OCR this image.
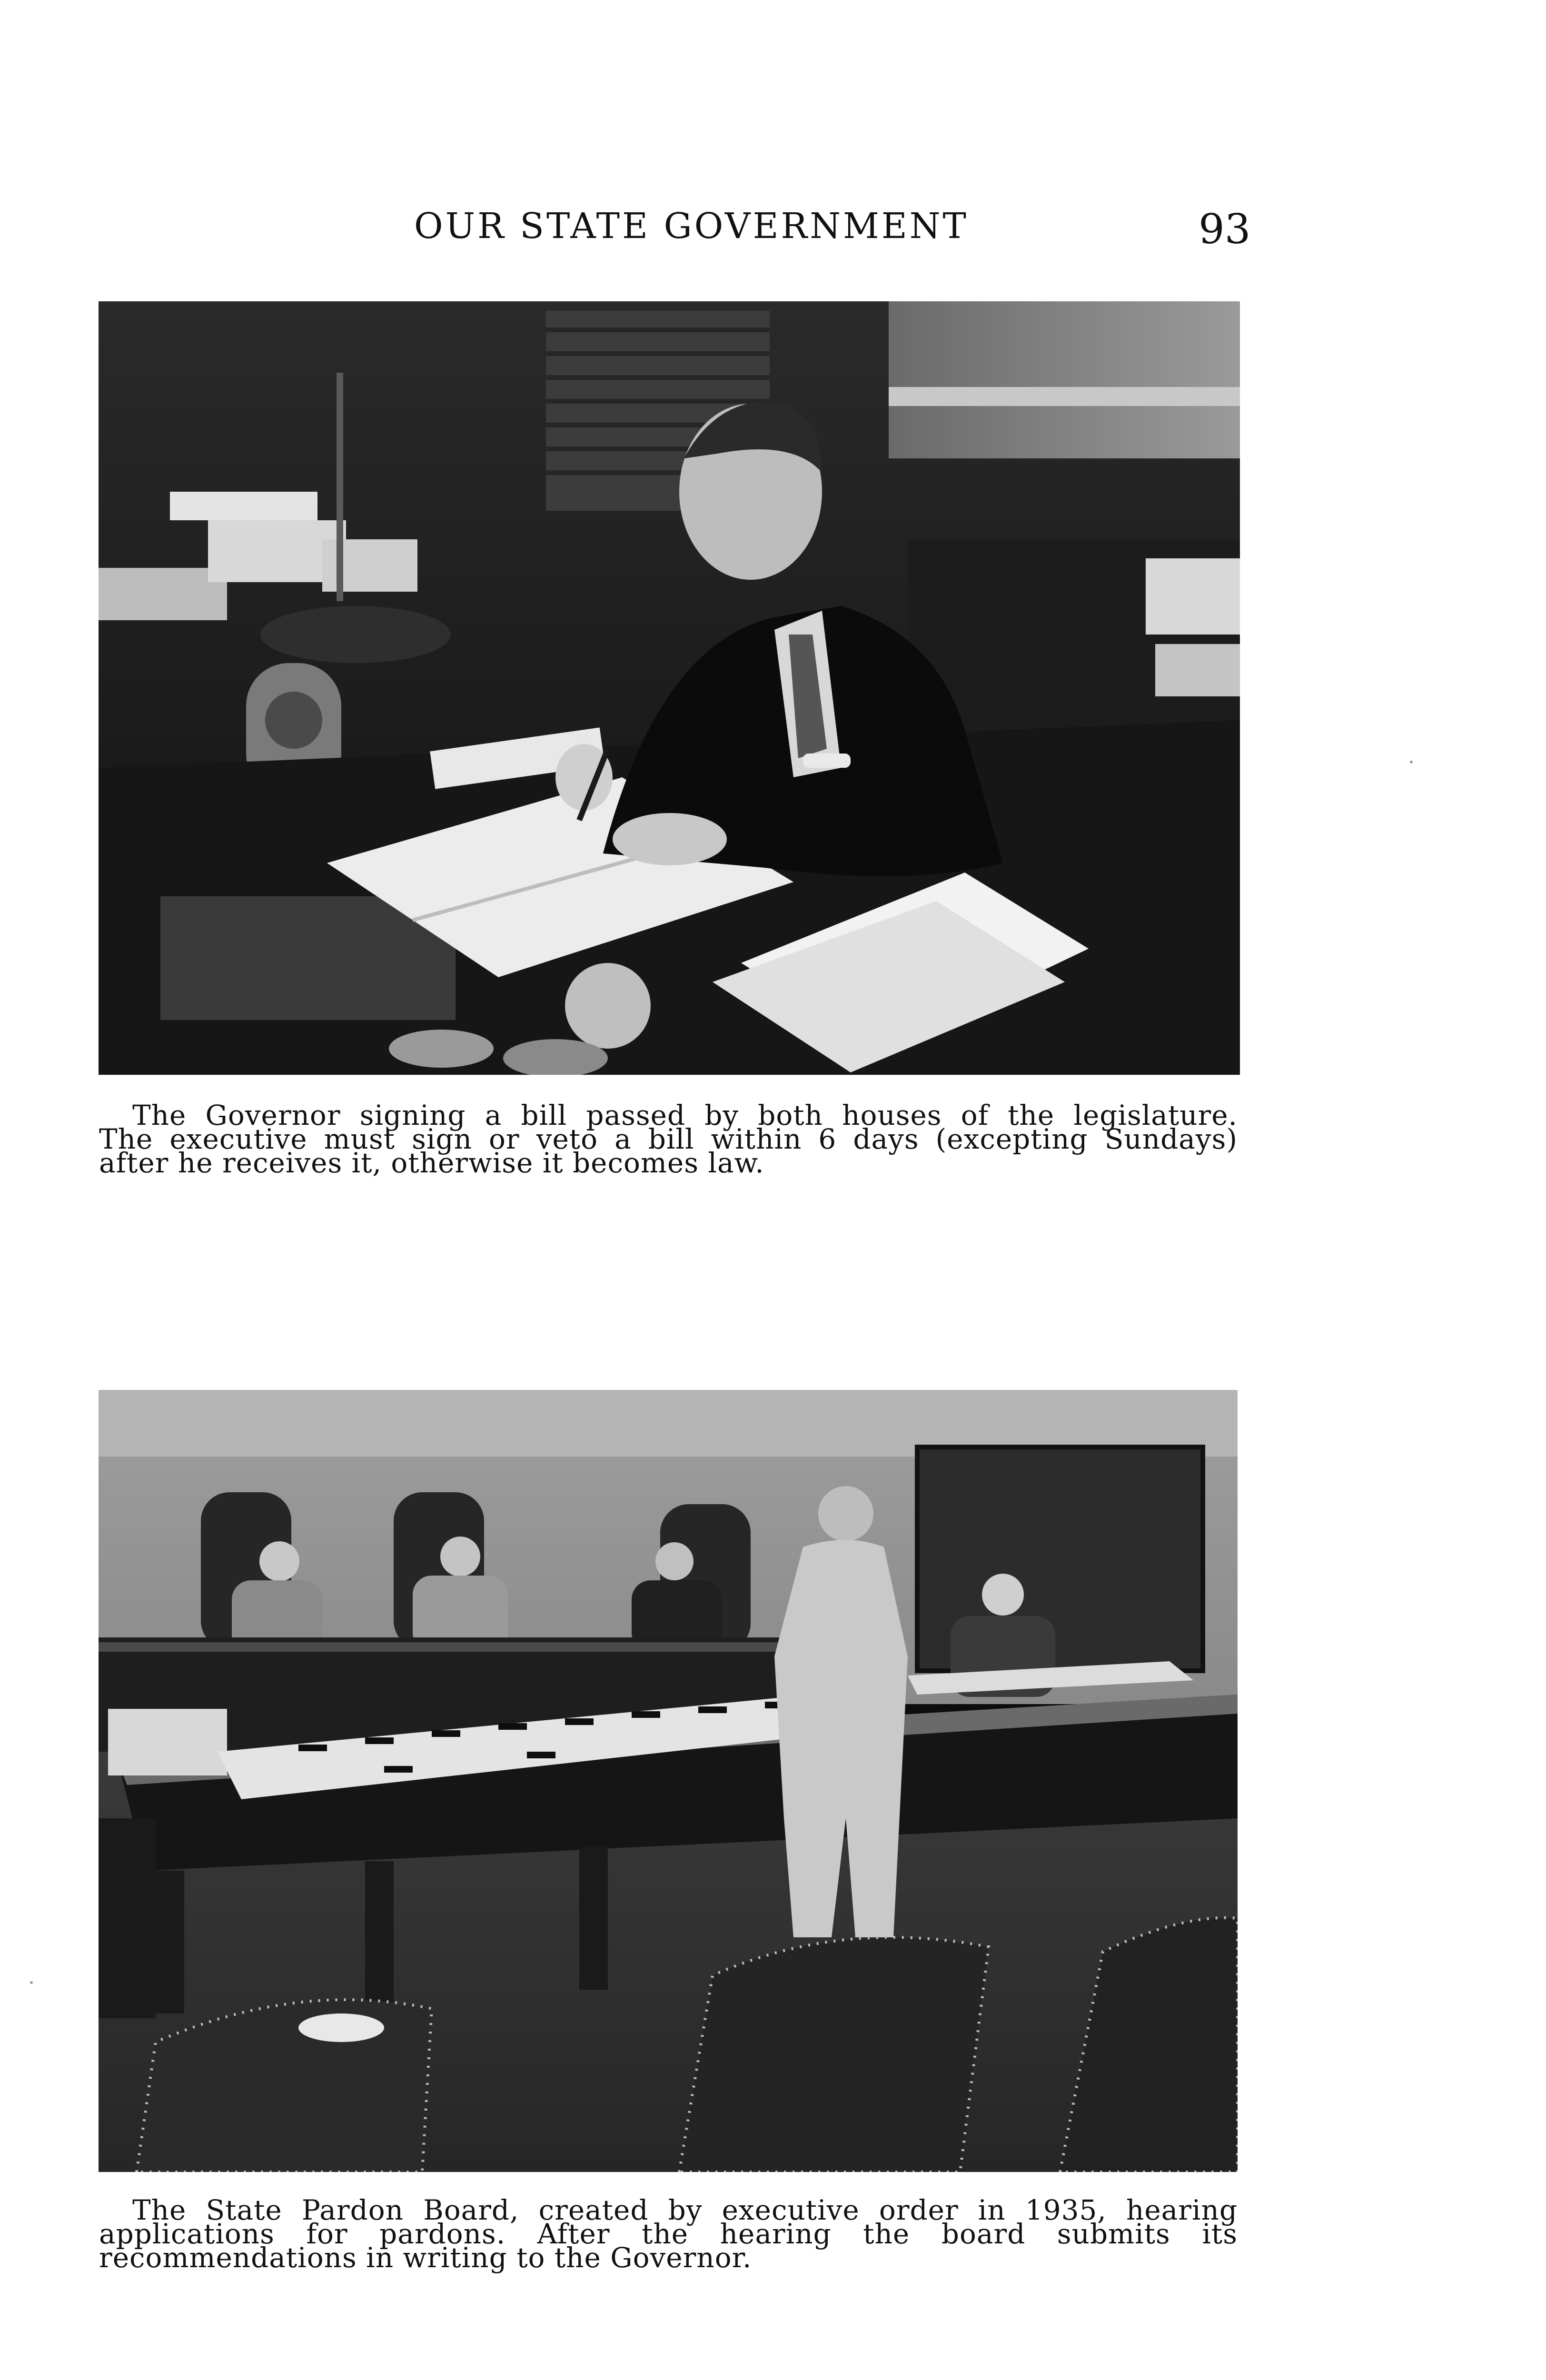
OUR STATE GOVERNMENT	93
The Governor signing a bill passed by both houses of the legislature.
The executive must sign or veto a bill within 6 days (excepting Sundays)
after he receives it, otherwise it becomes law.
The State Pardon Board, created by executive order in 1935, hearing
applications for pardons. After the hearing the board submits its
recommendations in writing to the Governor.
